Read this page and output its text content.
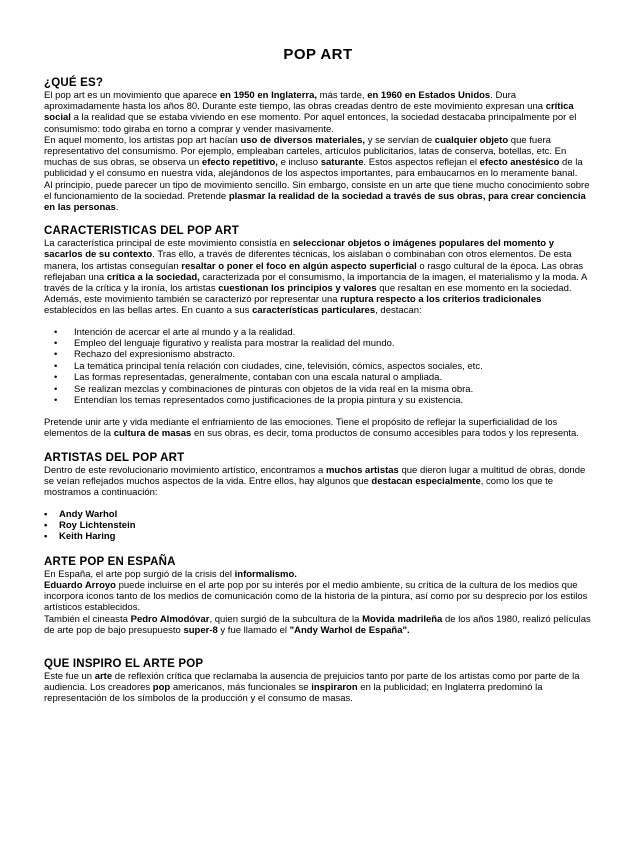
POP ART
¿QUÉ ES?

El pop art es un movimiento que aparece en 1950 en Inglaterra, más tarde, en 1960 en Estados Unidos. Dura aproximadamente hasta los años 80. Durante este tiempo, las obras creadas dentro de este movimiento expresan una crítica social a la realidad que se estaba viviendo en ese momento. Por aquel entonces, la sociedad destacaba principalmente por el consumismo: todo giraba en torno a comprar y vender masivamente.

En aquel momento, los artistas pop art hacían uso de diversos materiales, y se servían de cualquier objeto que fuera representativo del consumismo. Por ejemplo, empleaban carteles, artículos publicitarios, latas de conserva, botellas, etc. En muchas de sus obras, se observa un efecto repetitivo, e incluso saturante. Estos aspectos reflejan el efecto anestésico de la publicidad y el consumo en nuestra vida, alejándonos de los aspectos importantes, para embaucarnos en lo meramente banal.

Al principio, puede parecer un tipo de movimiento sencillo. Sin embargo, consiste en un arte que tiene mucho conocimiento sobre el funcionamiento de la sociedad. Pretende plasmar la realidad de la sociedad a través de sus obras, para crear conciencia en las personas.

CARACTERISTICAS DEL POP ART

La característica principal de este movimiento consistía en seleccionar objetos o imágenes populares del momento y sacarlos de su contexto. Tras ello, a través de diferentes técnicas, los aislaban o combinaban con otros elementos. De esta manera, los artistas conseguían resaltar o poner el foco en algún aspecto superficial o rasgo cultural de la época. Las obras reflejaban una crítica a la sociedad, caracterizada por el consumismo, la importancia de la imagen, el materialismo y la moda. A través de la crítica y la ironía, los artistas cuestionan los principios y valores que resaltan en ese momento en la sociedad.

Además, este movimiento también se caracterizó por representar una ruptura respecto a los criterios tradicionales establecidos en las bellas artes. En cuanto a sus características particulares, destacan:

• Intención de acercar el arte al mundo y a la realidad.
• Empleo del lenguaje figurativo y realista para mostrar la realidad del mundo.
• Rechazo del expresionismo abstracto.
• La temática principal tenía relación con ciudades, cine, televisión, cómics, aspectos sociales, etc.
• Las formas representadas, generalmente, contaban con una escala natural o ampliada.
• Se realizan mezclas y combinaciones de pinturas con objetos de la vida real en la misma obra.
• Entendían los temas representados como justificaciones de la propia pintura y su existencia.

Pretende unir arte y vida mediante el enfriamiento de las emociones. Tiene el propósito de reflejar la superficialidad de los elementos de la cultura de masas en sus obras, es decir, toma productos de consumo accesibles para todos y los representa.

ARTISTAS DEL POP ART

Dentro de este revolucionario movimiento artístico, encontramos a muchos artistas que dieron lugar a multitud de obras, donde se veían reflejados muchos aspectos de la vida. Entre ellos, hay algunos que destacan especialmente, como los que te mostramos a continuación:

• Andy Warhol
• Roy Lichtenstein
• Keith Haring
ARTE POP EN ESPAÑA

En España, el arte pop surgió de la crisis del informalismo.

Eduardo Arroyo puede incluirse en el arte pop por su interés por el medio ambiente, su crítica de la cultura de los medios que incorpora iconos tanto de los medios de comunicación como de la historia de la pintura, así como por su desprecio por los estilos artísticos establecidos.

También el cineasta Pedro Almodóvar, quien surgió de la subcultura de la Movida madrileña de los años 1980, realizó películas de arte pop de bajo presupuesto super-8 y fue llamado el "Andy Warhol de España".

QUE INSPIRO EL ARTE POP

Este fue un arte de reflexión crítica que reclamaba la ausencia de prejuicios tanto por parte de los artistas como por parte de la audiencia. Los creadores pop americanos, más funcionales se inspiraron en la publicidad; en Inglaterra predominó la representación de los símbolos de la producción y el consumo de masas.
